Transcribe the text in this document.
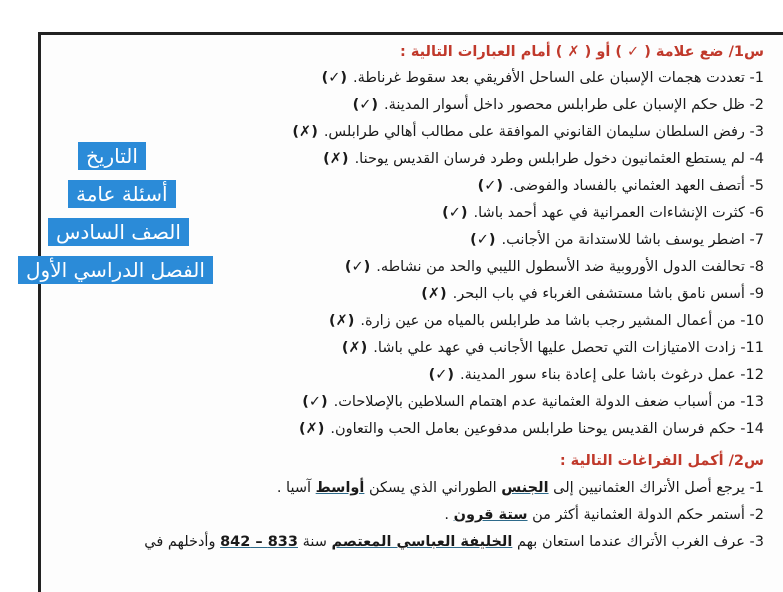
س1/ ضع علامة ( ✓ ) أو ( ✗ ) أمام العبارات التالية :
1- تعددت هجمات الإسبان على الساحل الأفريقي بعد سقوط غرناطة.(✓)
2- ظل حكم الإسبان على طرابلس محصور داخل أسوار المدينة.(✓)
3- رفض السلطان سليمان القانوني الموافقة على مطالب أهالي طرابلس.(✗)
4- لم يستطع العثمانيون دخول طرابلس وطرد فرسان القديس يوحنا.(✗)
5- أتصف العهد العثماني بالفساد والفوضى.(✓)
6- كثرت الإنشاءات العمرانية في عهد أحمد باشا.(✓)
7- اضطر يوسف باشا للاستدانة من الأجانب.(✓)
8- تحالفت الدول الأوروبية ضد الأسطول الليبي والحد من نشاطه.(✓)
9- أسس نامق باشا مستشفى الغرباء في باب البحر.(✗)
10- من أعمال المشير رجب باشا مد طرابلس بالمياه من عين زارة.(✗)
11- زادت الامتيازات التي تحصل عليها الأجانب في عهد علي باشا.(✗)
12- عمل درغوث باشا على إعادة بناء سور المدينة.(✓)
13- من أسباب ضعف الدولة العثمانية عدم اهتمام السلاطين بالإصلاحات.(✓)
14- حكم فرسان القديس يوحنا طرابلس مدفوعين بعامل الحب والتعاون.(✗)
س2/ أكمل الفراغات التالية :
1- يرجع أصل الأتراك العثمانيين إلى الجنس الطوراني الذي يسكن أواسط آسيا .
2- أستمر حكم الدولة العثمانية أكثر من ستة قرون .
3- عرف الغرب الأتراك عندما استعان بهم الخليفة العباسي المعتصم سنة 833 – 842 وأدخلهم في
التاريخ
أسئلة عامة
الصف السادس
الفصل الدراسي الأول
